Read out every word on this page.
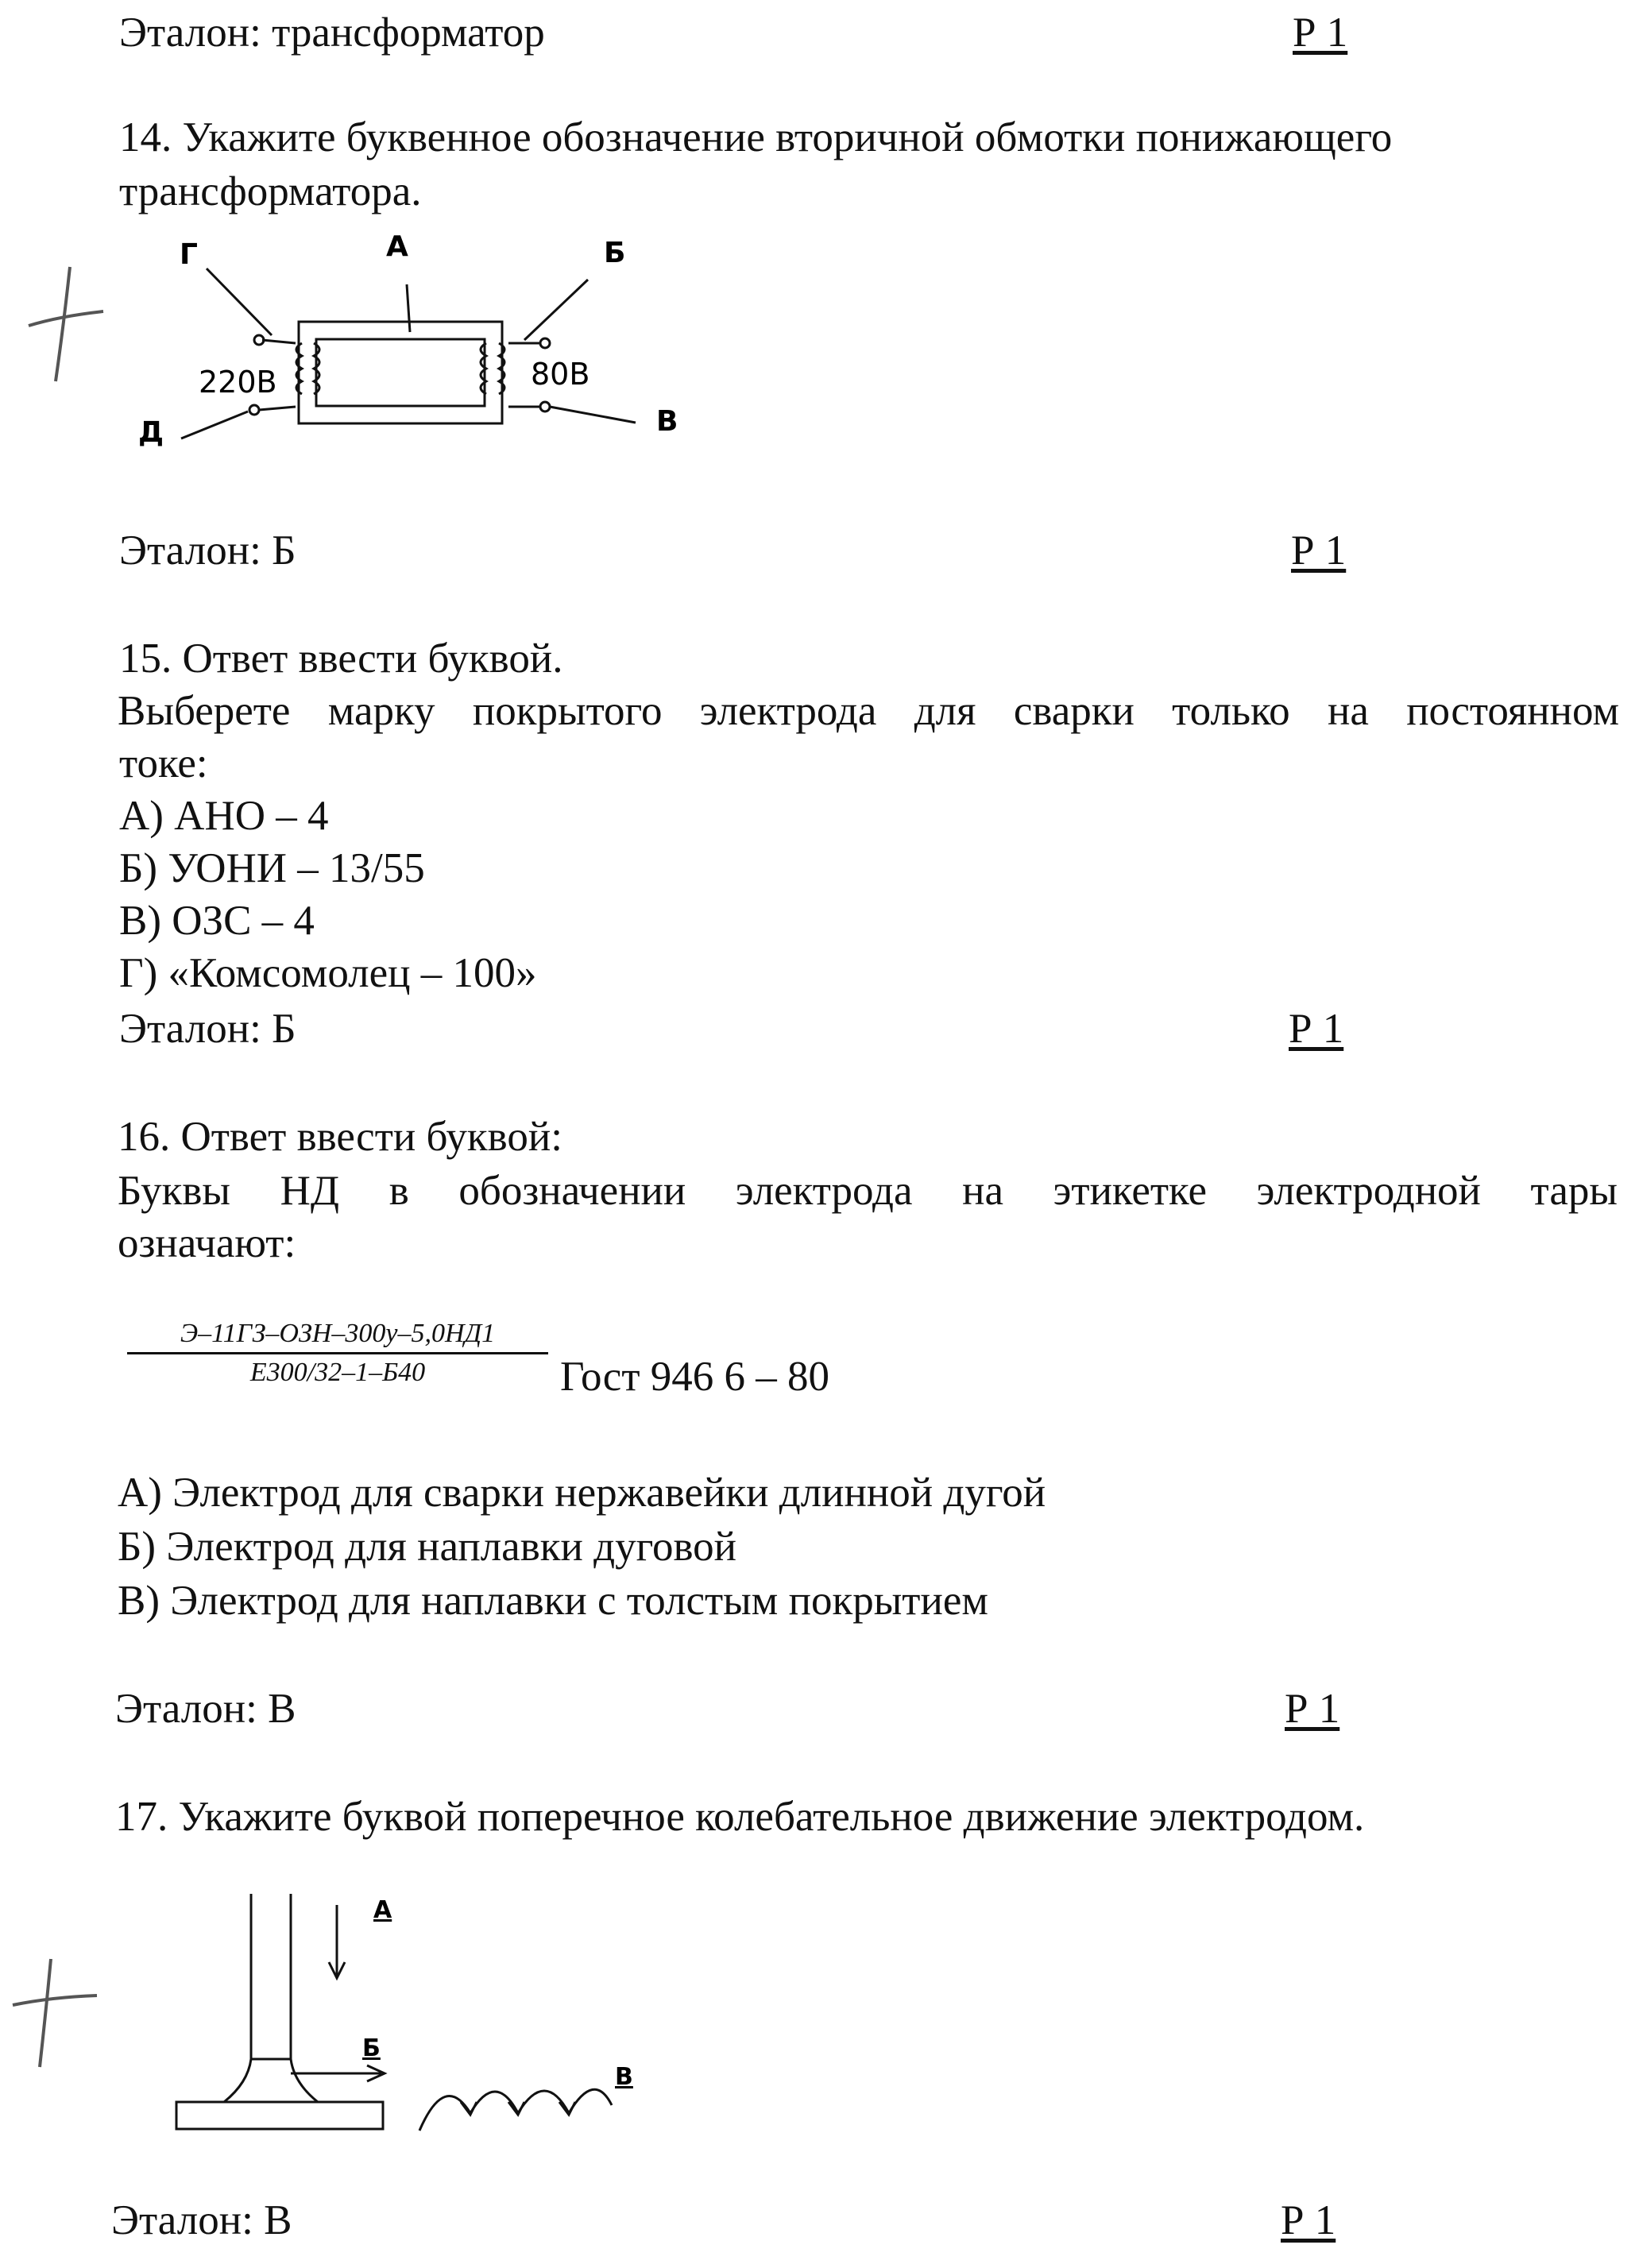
Эталон: трансформатор	Р 1
14. Укажите буквенное обозначение вторичной обмотки понижающего
трансформатора.
Г	А	Б
Д	В
220В	80В
Эталон: Б	Р 1
15. Ответ ввести буквой.
Выберете марку покрытого электрода для сварки только на постоянном
токе:
А) АНО – 4
Б) УОНИ – 13/55
В) ОЗС – 4
Г) «Комсомолец – 100»
Эталон: Б	Р 1
16. Ответ ввести буквой:
Буквы НД в обозначении электрода на этикетке электродной тары
означают:
Э–11ГЗ–ОЗН–300у–5,0НД1
Е300/32–1–Б40	Гост 946 6 – 80
А) Электрод для сварки нержавейки длинной дугой
Б) Электрод для наплавки дуговой
В) Электрод для наплавки с толстым покрытием
Эталон: В	Р 1
17. Укажите буквой поперечное колебательное движение электродом.
А
Б
В
Эталон: В	Р 1
